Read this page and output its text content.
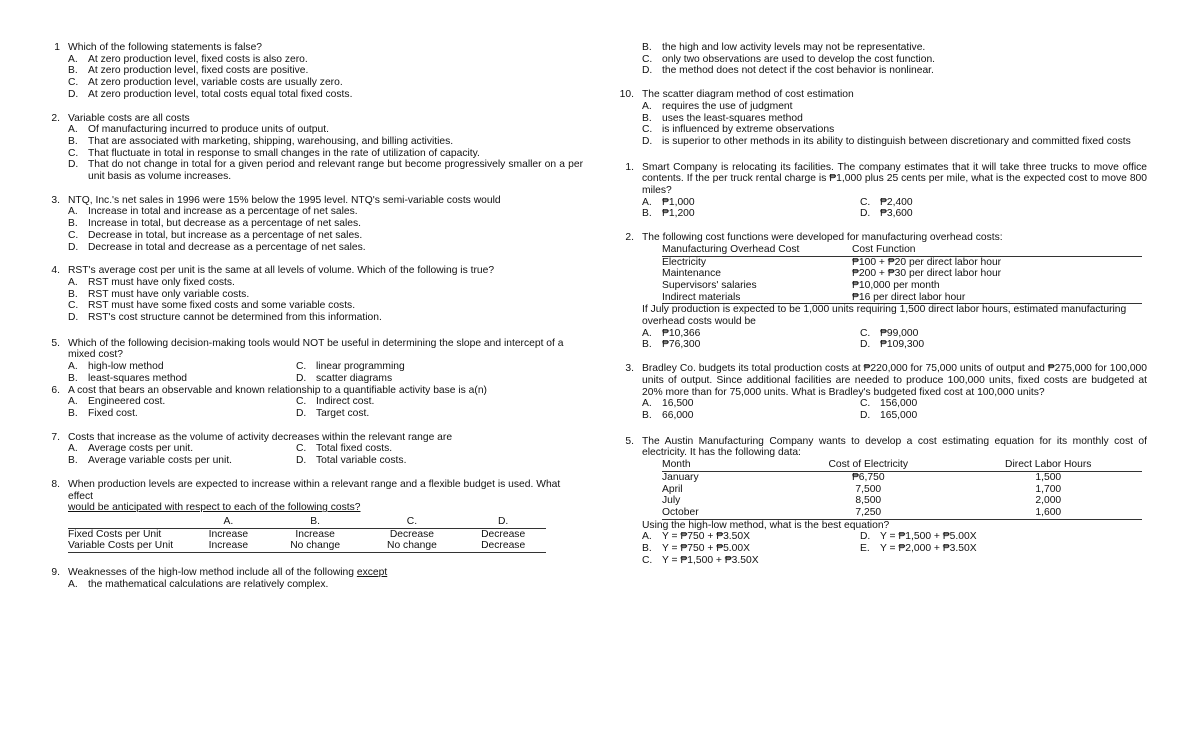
1 Which of the following statements is false?
A. At zero production level, fixed costs is also zero.
B. At zero production level, fixed costs are positive.
C. At zero production level, variable costs are usually zero.
D. At zero production level, total costs equal total fixed costs.
2. Variable costs are all costs
A. Of manufacturing incurred to produce units of output.
B. That are associated with marketing, shipping, warehousing, and billing activities.
C. That fluctuate in total in response to small changes in the rate of utilization of capacity.
D. That do not change in total for a given period and relevant range but become progressively smaller on a per unit basis as volume increases.
3. NTQ, Inc.'s net sales in 1996 were 15% below the 1995 level. NTQ's semi-variable costs would
A. Increase in total and increase as a percentage of net sales.
B. Increase in total, but decrease as a percentage of net sales.
C. Decrease in total, but increase as a percentage of net sales.
D. Decrease in total and decrease as a percentage of net sales.
4. RST's average cost per unit is the same at all levels of volume. Which of the following is true?
A. RST must have only fixed costs.
B. RST must have only variable costs.
C. RST must have some fixed costs and some variable costs.
D. RST's cost structure cannot be determined from this information.
5. Which of the following decision-making tools would NOT be useful in determining the slope and intercept of a mixed cost?
A. high-low method	C. linear programming
B. least-squares method	D. scatter diagrams
6. A cost that bears an observable and known relationship to a quantifiable activity base is a(n)
A. Engineered cost.	C. Indirect cost.
B. Fixed cost.	D. Target cost.
7. Costs that increase as the volume of activity decreases within the relevant range are
A. Average costs per unit.	C. Total fixed costs.
B. Average variable costs per unit.	D. Total variable costs.
8. When production levels are expected to increase within a relevant range and a flexible budget is used. What effect
would be anticipated with respect to each of the following costs?
	A.	B.	C.	D.
Fixed Costs per Unit	Increase	Increase	Decrease	Decrease
Variable Costs per Unit	Increase	No change	No change	Decrease
9. Weaknesses of the high-low method include all of the following except
A. the mathematical calculations are relatively complex.
B. the high and low activity levels may not be representative.
C. only two observations are used to develop the cost function.
D. the method does not detect if the cost behavior is nonlinear.
10. The scatter diagram method of cost estimation
A. requires the use of judgment
B. uses the least-squares method
C. is influenced by extreme observations
D. is superior to other methods in its ability to distinguish between discretionary and committed fixed costs
1. Smart Company is relocating its facilities. The company estimates that it will take three trucks to move office contents. If the per truck rental charge is ₱1,000 plus 25 cents per mile, what is the expected cost to move 800 miles?
A. ₱1,000	C. ₱2,400
B. ₱1,200	D. ₱3,600
2. The following cost functions were developed for manufacturing overhead costs:
Manufacturing Overhead Cost	Cost Function
Electricity	₱100 + ₱20 per direct labor hour
Maintenance	₱200 + ₱30 per direct labor hour
Supervisors' salaries	₱10,000 per month
Indirect materials	₱16 per direct labor hour
If July production is expected to be 1,000 units requiring 1,500 direct labor hours, estimated manufacturing overhead costs would be
A. ₱10,366	C. ₱99,000
B. ₱76,300	D. ₱109,300
3. Bradley Co. budgets its total production costs at ₱220,000 for 75,000 units of output and ₱275,000 for 100,000 units of output. Since additional facilities are needed to produce 100,000 units, fixed costs are budgeted at 20% more than for 75,000 units. What is Bradley's budgeted fixed cost at 100,000 units?
A. 16,500	C. 156,000
B. 66,000	D. 165,000
5. The Austin Manufacturing Company wants to develop a cost estimating equation for its monthly cost of electricity. It has the following data:
Month	Cost of Electricity	Direct Labor Hours
January	₱6,750	1,500
April	7,500	1,700
July	8,500	2,000
October	7,250	1,600
Using the high-low method, what is the best equation?
A. Y = ₱750 + ₱3.50X	D. Y = ₱1,500 + ₱5.00X
B. Y = ₱750 + ₱5.00X	E. Y = ₱2,000 + ₱3.50X
C. Y = ₱1,500 + ₱3.50X
